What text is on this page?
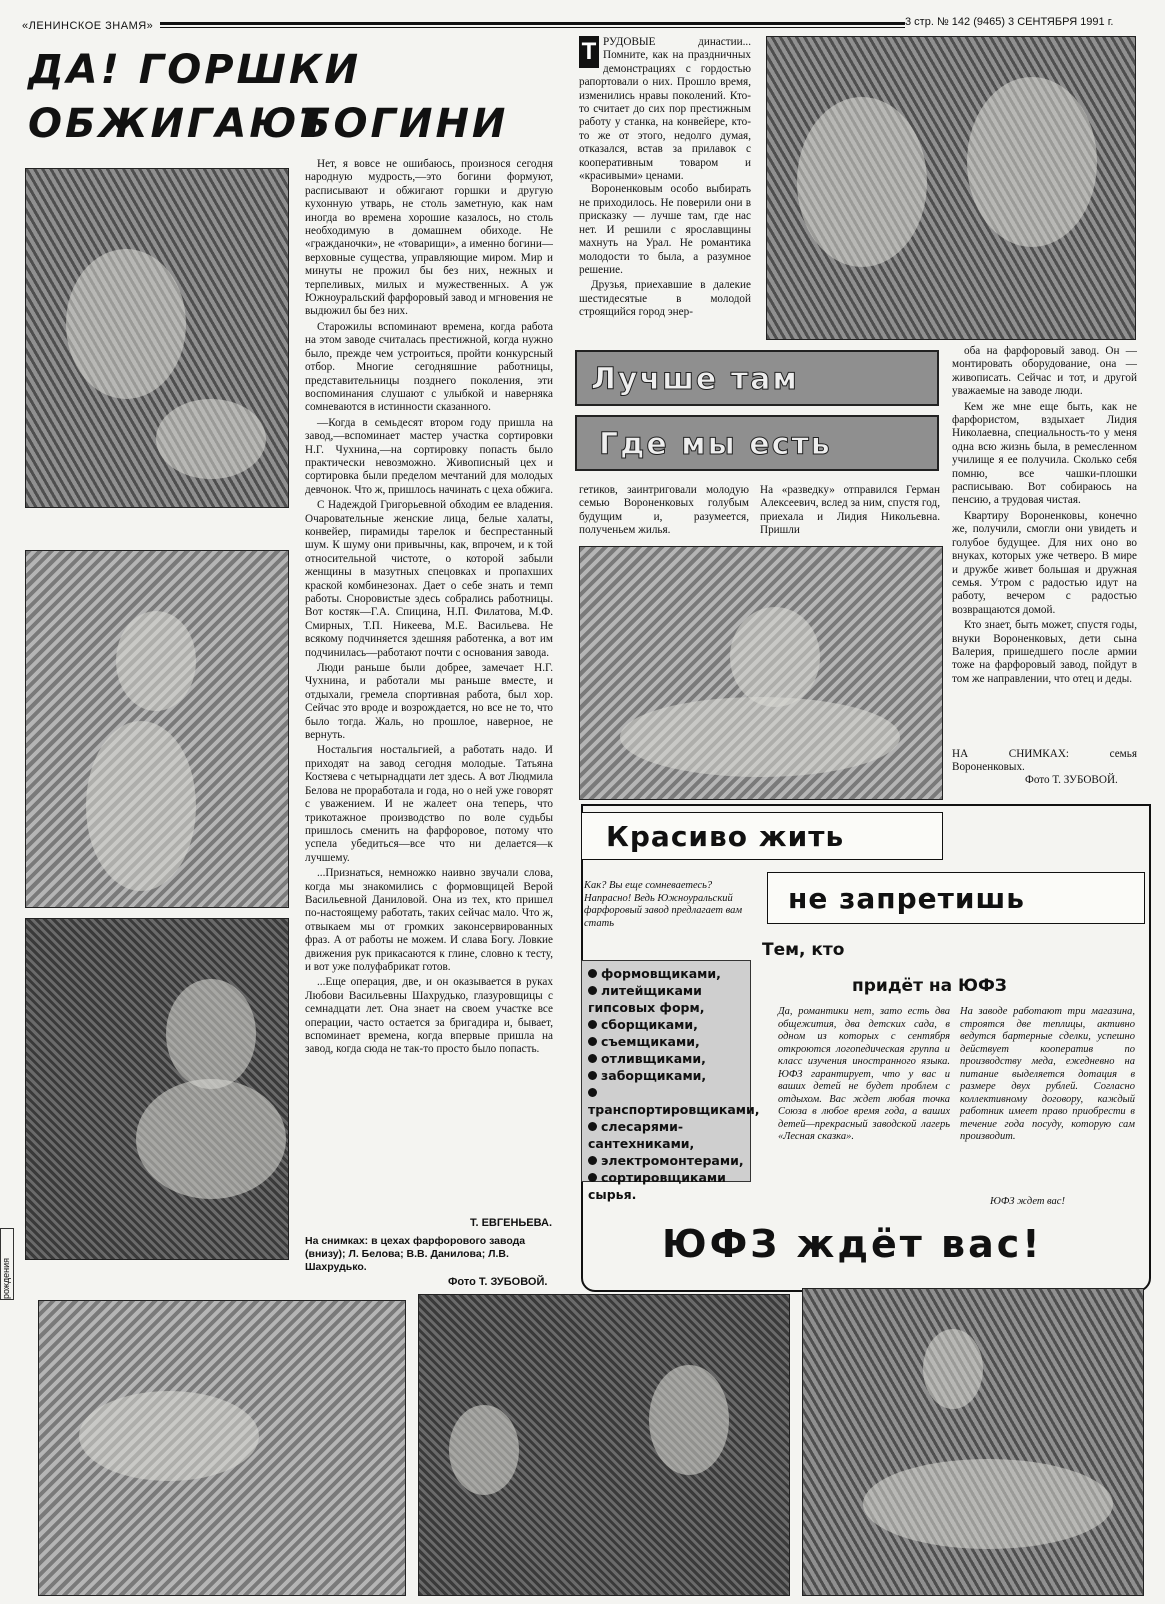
«ЛЕНИНСКОЕ ЗНАМЯ»	3 стр. № 142 (9465) 3 СЕНТЯБРЯ 1991 г.
ДА! ГОРШКИ
ОБЖИГАЮТ
БОГИНИ

Нет, я вовсе не ошибаюсь, произнося сегодня народную мудрость,—это богини формуют, расписывают и обжигают горшки и другую кухонную утварь, не столь заметную, как нам иногда во времена хорошие казалось, но столь необходимую в домашнем обиходе. Не «гражданочки», не «товарищи», а именно богини—верховные существа, управляющие миром. Мир и минуты не прожил бы без них, нежных и терпеливых, милых и мужественных. А уж Южноуральский фарфоровый завод и мгновения не выдюжил бы без них.

Старожилы вспоминают времена, когда работа на этом заводе считалась престижной, когда нужно было, прежде чем устроиться, пройти конкурсный отбор. Многие сегодняшние работницы, представительницы позднего поколения, эти воспоминания слушают с улыбкой и наверняка сомневаются в истинности сказанного.

—Когда в семьдесят втором году пришла на завод,—вспоминает мастер участка сортировки Н.Г. Чухнина,—на сортировку попасть было практически невозможно. Живописный цех и сортировка были пределом мечтаний для молодых девчонок. Что ж, пришлось начинать с цеха обжига.

С Надеждой Григорьевной обходим ее владения. Очаровательные женские лица, белые халаты, конвейер, пирамиды тарелок и беспрестанный шум. К шуму они привычны, как, впрочем, и к той относительной чистоте, о которой забыли женщины в мазутных спецовках и пропахших краской комбинезонах. Дает о себе знать и темп работы. Сноровистые здесь собрались работницы. Вот костяк—Г.А. Спицина, Н.П. Филатова, М.Ф. Смирных, Т.П. Никеева, М.Е. Васильева. Не всякому подчиняется здешняя работенка, а вот им подчинилась—работают почти с основания завода.

Люди раньше были добрее, замечает Н.Г. Чухнина, и работали мы раньше вместе, и отдыхали, гремела спортивная работа, был хор. Сейчас это вроде и возрождается, но все не то, что было тогда. Жаль, но прошлое, наверное, не вернуть.

Ностальгия ностальгией, а работать надо. И приходят на завод сегодня молодые. Татьяна Костяева с четырнадцати лет здесь. А вот Людмила Белова не проработала и года, но о ней уже говорят с уважением. И не жалеет она теперь, что трикотажное производство по воле судьбы пришлось сменить на фарфоровое, потому что успела убедиться—все что ни делается—к лучшему.

...Признаться, немножко наивно звучали слова, когда мы знакомились с формовщицей Верой Васильевной Даниловой. Она из тех, кто пришел по-настоящему работать, таких сейчас мало. Что ж, отвыкаем мы от громких законсервированных фраз. А от работы не можем. И слава Богу. Ловкие движения рук прикасаются к глине, словно к тесту, и вот уже полуфабрикат готов.

...Еще операция, две, и он оказывается в руках Любови Васильевны Шахрудько, глазуровщицы с семнадцати лет. Она знает на своем участке все операции, часто остается за бригадира и, бывает, вспоминает времена, когда впервые пришла на завод, когда сюда не так-то просто было попасть.

Т. ЕВГЕНЬЕВА.
На снимках: в цехах фарфорового завода (внизу); Л. Белова; В.В. Данилова; Л.В. Шахрудько.
Фото Т. ЗУБОВОЙ.
Т РУДОВЫЕ династии... Помните, как на праздничных демонстрациях с гордостью рапортовали о них. Прошло время, изменились нравы поколений. Кто-то считает до сих пор престижным работу у станка, на конвейере, кто-то же от этого, недолго думая, отказался, встав за прилавок с кооперативным товаром и «красивыми» ценами.

Вороненковым особо выбирать не приходилось. Не поверили они в присказку — лучше там, где нас нет. И решили с ярославщины махнуть на Урал. Не романтика молодости то была, а разумное решение.

Друзья, приехавшие в далекие шестидесятые в молодой строящийся город энер-

Лучше там
Где мы есть
гетиков, заинтриговали молодую семью Вороненковых голубым будущим и, разумеется, полученьем жилья.
На «разведку» отправился Герман Алексеевич, вслед за ним, спустя год, приехала и Лидия Никольевна. Пришли

оба на фарфоровый завод. Он — монтировать оборудование, она — живописать. Сейчас и тот, и другой уважаемые на заводе люди.

Кем же мне еще быть, как не фарфористом, вздыхает Лидия Николаевна, специальность-то у меня одна всю жизнь была, в ремесленном училище я ее получила. Сколько себя помню, все чашки-плошки расписываю. Вот собираюсь на пенсию, а трудовая чистая.

Квартиру Вороненковы, конечно же, получили, смогли они увидеть и голубое будущее. Для них оно во внуках, которых уже четверо. В мире и дружбе живет большая и дружная семья. Утром с радостью идут на работу, вечером с радостью возвращаются домой.

Кто знает, быть может, спустя годы, внуки Вороненковых, дети сына Валерия, пришедшего после армии тоже на фарфоровый завод, пойдут в том же направлении, что отец и деды.

НА СНИМКАХ: семья Вороненковых.
Фото Т. ЗУБОВОЙ.
Красиво жить
не запретишь
Как? Вы еще сомневаетесь? Напрасно! Ведь Южноуральский фарфоровый завод предлагает вам стать
формовщиками,
литейщиками гипсовых форм,
сборщиками,
съемщиками,
отливщиками,
заборщиками,
транспортировщиками,
слесарями-сантехниками,
электромонтерами,
сортировщиками сырья.
Тем, кто
придёт на ЮФЗ
Да, романтики нет, зато есть два общежития, два детских сада, в одном из которых с сентября откроются логопедическая группа и класс изучения иностранного языка. ЮФЗ гарантирует, что у вас и ваших детей не будет проблем с отдыхом. Вас ждет любая точка Союза в любое время года, а ваших детей—прекрасный заводской лагерь «Лесная сказка».
На заводе работают три магазина, строятся две теплицы, активно ведутся бартерные сделки, успешно действует кооператив по производству меда, ежедневно на питание выделяется дотация в размере двух рублей. Согласно коллективному договору, каждый работник имеет право приобрести в течение года посуду, которую сам производит.
ЮФЗ ждет вас!
ЮФЗ ждёт вас!
рождения
